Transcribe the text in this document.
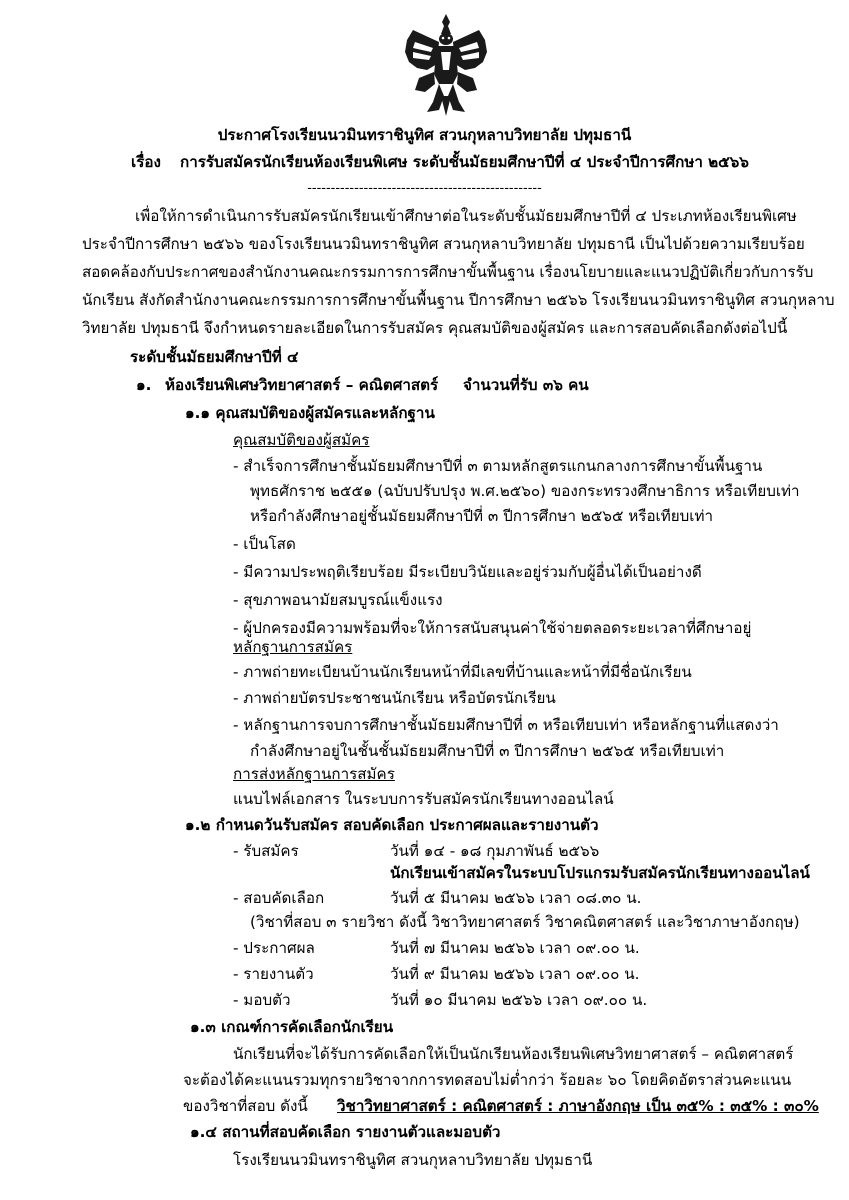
ประกาศโรงเรียนนวมินทราชินูทิศ สวนกุหลาบวิทยาลัย ปทุมธานี
เรื่อง การรับสมัครนักเรียนห้องเรียนพิเศษ ระดับชั้นมัธยมศึกษาปีที่ ๔ ประจำปีการศึกษา ๒๕๖๖
--------------------------------------------------
เพื่อให้การดำเนินการรับสมัครนักเรียนเข้าศึกษาต่อในระดับชั้นมัธยมศึกษาปีที่ ๔ ประเภทห้องเรียนพิเศษ
ประจำปีการศึกษา ๒๕๖๖ ของโรงเรียนนวมินทราชินูทิศ สวนกุหลาบวิทยาลัย ปทุมธานี เป็นไปด้วยความเรียบร้อย
สอดคล้องกับประกาศของสำนักงานคณะกรรมการการศึกษาขั้นพื้นฐาน เรื่องนโยบายและแนวปฏิบัติเกี่ยวกับการรับ
นักเรียน สังกัดสำนักงานคณะกรรมการการศึกษาขั้นพื้นฐาน ปีการศึกษา ๒๕๖๖ โรงเรียนนวมินทราชินูทิศ สวนกุหลาบ
วิทยาลัย ปทุมธานี จึงกำหนดรายละเอียดในการรับสมัคร คุณสมบัติของผู้สมัคร และการสอบคัดเลือกดังต่อไปนี้
ระดับชั้นมัธยมศึกษาปีที่ ๔
๑. ห้องเรียนพิเศษวิทยาศาสตร์ – คณิตศาสตร์ จำนวนที่รับ ๓๖ คน
๑.๑ คุณสมบัติของผู้สมัครและหลักฐาน
คุณสมบัติของผู้สมัคร
- สำเร็จการศึกษาชั้นมัธยมศึกษาปีที่ ๓ ตามหลักสูตรแกนกลางการศึกษาขั้นพื้นฐาน
พุทธศักราช ๒๕๕๑ (ฉบับปรับปรุง พ.ศ.๒๕๖๐) ของกระทรวงศึกษาธิการ หรือเทียบเท่า
หรือกำลังศึกษาอยู่ชั้นมัธยมศึกษาปีที่ ๓ ปีการศึกษา ๒๕๖๕ หรือเทียบเท่า
- เป็นโสด
- มีความประพฤติเรียบร้อย มีระเบียบวินัยและอยู่ร่วมกับผู้อื่นได้เป็นอย่างดี
- สุขภาพอนามัยสมบูรณ์แข็งแรง
- ผู้ปกครองมีความพร้อมที่จะให้การสนับสนุนค่าใช้จ่ายตลอดระยะเวลาที่ศึกษาอยู่
หลักฐานการสมัคร
- ภาพถ่ายทะเบียนบ้านนักเรียนหน้าที่มีเลขที่บ้านและหน้าที่มีชื่อนักเรียน
- ภาพถ่ายบัตรประชาชนนักเรียน หรือบัตรนักเรียน
- หลักฐานการจบการศึกษาชั้นมัธยมศึกษาปีที่ ๓ หรือเทียบเท่า หรือหลักฐานที่แสดงว่า
กำลังศึกษาอยู่ในชั้นชั้นมัธยมศึกษาปีที่ ๓ ปีการศึกษา ๒๕๖๕ หรือเทียบเท่า
การส่งหลักฐานการสมัคร
แนบไฟล์เอกสาร ในระบบการรับสมัครนักเรียนทางออนไลน์
๑.๒ กำหนดวันรับสมัคร สอบคัดเลือก ประกาศผลและรายงานตัว
- รับสมัคร	วันที่ ๑๔ - ๑๘ กุมภาพันธ์ ๒๕๖๖
นักเรียนเข้าสมัครในระบบโปรแกรมรับสมัครนักเรียนทางออนไลน์
- สอบคัดเลือก	วันที่ ๕ มีนาคม ๒๕๖๖ เวลา ๐๘.๓๐ น.
(วิชาที่สอบ ๓ รายวิชา ดังนี้ วิชาวิทยาศาสตร์ วิชาคณิตศาสตร์ และวิชาภาษาอังกฤษ)
- ประกาศผล	วันที่ ๗ มีนาคม ๒๕๖๖ เวลา ๐๙.๐๐ น.
- รายงานตัว	วันที่ ๙ มีนาคม ๒๕๖๖ เวลา ๐๙.๐๐ น.
- มอบตัว	วันที่ ๑๐ มีนาคม ๒๕๖๖ เวลา ๐๙.๐๐ น.
๑.๓ เกณฑ์การคัดเลือกนักเรียน
นักเรียนที่จะได้รับการคัดเลือกให้เป็นนักเรียนห้องเรียนพิเศษวิทยาศาสตร์ – คณิตศาสตร์
จะต้องได้คะแนนรวมทุกรายวิชาจากการทดสอบไม่ต่ำกว่า ร้อยละ ๖๐ โดยคิดอัตราส่วนคะแนน
ของวิชาที่สอบ ดังนี้ วิชาวิทยาศาสตร์ : คณิตศาสตร์ : ภาษาอังกฤษ เป็น ๓๕% : ๓๕% : ๓๐%
๑.๔ สถานที่สอบคัดเลือก รายงานตัวและมอบตัว
โรงเรียนนวมินทราชินูทิศ สวนกุหลาบวิทยาลัย ปทุมธานี
